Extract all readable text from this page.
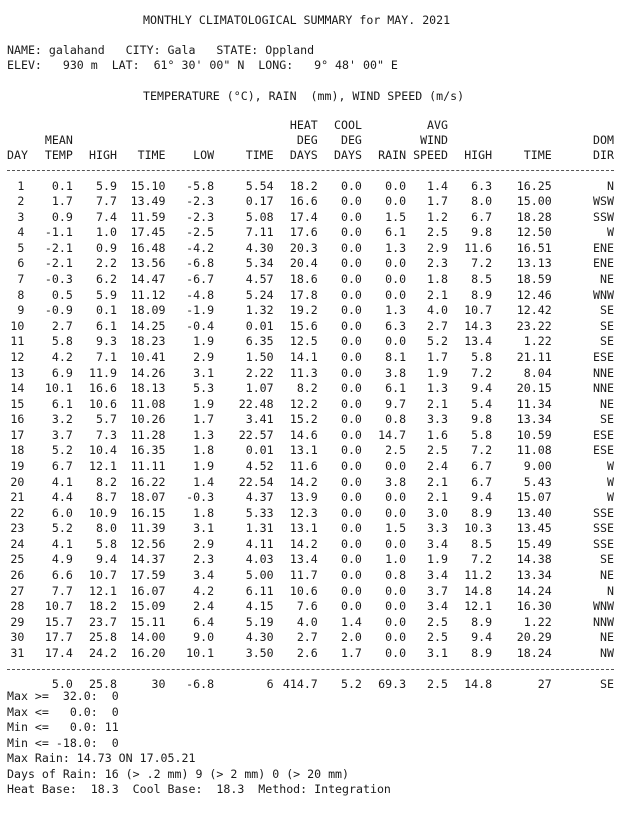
MONTHLY CLIMATOLOGICAL SUMMARY for MAY. 2021
NAME: galahand   CITY: Gala   STATE: Oppland
ELEV:   930 m  LAT:  61° 30' 00" N  LONG:   9° 48' 00" E
TEMPERATURE (°C), RAIN  (mm), WIND SPEED (m/s)
						HEAT	COOL		AVG			
	MEAN					DEG	DEG		WIND			DOM
DAY	TEMP	HIGH	TIME	LOW	TIME	DAYS	DAYS	RAIN	SPEED	HIGH	TIME	DIR

1	0.1	5.9	15.10	-5.8	5.54	18.2	0.0	0.0	1.4	6.3	16.25	N
2	1.7	7.7	13.49	-2.3	0.17	16.6	0.0	0.0	1.7	8.0	15.00	WSW
3	0.9	7.4	11.59	-2.3	5.08	17.4	0.0	1.5	1.2	6.7	18.28	SSW
4	-1.1	1.0	17.45	-2.5	7.11	17.6	0.0	6.1	2.5	9.8	12.50	W
5	-2.1	0.9	16.48	-4.2	4.30	20.3	0.0	1.3	2.9	11.6	16.51	ENE
6	-2.1	2.2	13.56	-6.8	5.34	20.4	0.0	0.0	2.3	7.2	13.13	ENE
7	-0.3	6.2	14.47	-6.7	4.57	18.6	0.0	0.0	1.8	8.5	18.59	NE
8	0.5	5.9	11.12	-4.8	5.24	17.8	0.0	0.0	2.1	8.9	12.46	WNW
9	-0.9	0.1	18.09	-1.9	1.32	19.2	0.0	1.3	4.0	10.7	12.42	SE
10	2.7	6.1	14.25	-0.4	0.01	15.6	0.0	6.3	2.7	14.3	23.22	SE
11	5.8	9.3	18.23	1.9	6.35	12.5	0.0	0.0	5.2	13.4	1.22	SE
12	4.2	7.1	10.41	2.9	1.50	14.1	0.0	8.1	1.7	5.8	21.11	ESE
13	6.9	11.9	14.26	3.1	2.22	11.3	0.0	3.8	1.9	7.2	8.04	NNE
14	10.1	16.6	18.13	5.3	1.07	8.2	0.0	6.1	1.3	9.4	20.15	NNE
15	6.1	10.6	11.08	1.9	22.48	12.2	0.0	9.7	2.1	5.4	11.34	NE
16	3.2	5.7	10.26	1.7	3.41	15.2	0.0	0.8	3.3	9.8	13.34	SE
17	3.7	7.3	11.28	1.3	22.57	14.6	0.0	14.7	1.6	5.8	10.59	ESE
18	5.2	10.4	16.35	1.8	0.01	13.1	0.0	2.5	2.5	7.2	11.08	ESE
19	6.7	12.1	11.11	1.9	4.52	11.6	0.0	0.0	2.4	6.7	9.00	W
20	4.1	8.2	16.22	1.4	22.54	14.2	0.0	3.8	2.1	6.7	5.43	W
21	4.4	8.7	18.07	-0.3	4.37	13.9	0.0	0.0	2.1	9.4	15.07	W
22	6.0	10.9	16.15	1.8	5.33	12.3	0.0	0.0	3.0	8.9	13.40	SSE
23	5.2	8.0	11.39	3.1	1.31	13.1	0.0	1.5	3.3	10.3	13.45	SSE
24	4.1	5.8	12.56	2.9	4.11	14.2	0.0	0.0	3.4	8.5	15.49	SSE
25	4.9	9.4	14.37	2.3	4.03	13.4	0.0	1.0	1.9	7.2	14.38	SE
26	6.6	10.7	17.59	3.4	5.00	11.7	0.0	0.8	3.4	11.2	13.34	NE
27	7.7	12.1	16.07	4.2	6.11	10.6	0.0	0.0	3.7	14.8	14.24	N
28	10.7	18.2	15.09	2.4	4.15	7.6	0.0	0.0	3.4	12.1	16.30	WNW
29	15.7	23.7	15.11	6.4	5.19	4.0	1.4	0.0	2.5	8.9	1.22	NNW
30	17.7	25.8	14.00	9.0	4.30	2.7	2.0	0.0	2.5	9.4	20.29	NE
31	17.4	24.2	16.20	10.1	3.50	2.6	1.7	0.0	3.1	8.9	18.24	NW

	5.0	25.8	30	-6.8	6	414.7	5.2	69.3	2.5	14.8	27	SE
Max >=  32.0:  0
Max <=   0.0:  0
Min <=   0.0: 11
Min <= -18.0:  0
Max Rain: 14.73 ON 17.05.21
Days of Rain: 16 (> .2 mm) 9 (> 2 mm) 0 (> 20 mm)
Heat Base:  18.3  Cool Base:  18.3  Method: Integration
